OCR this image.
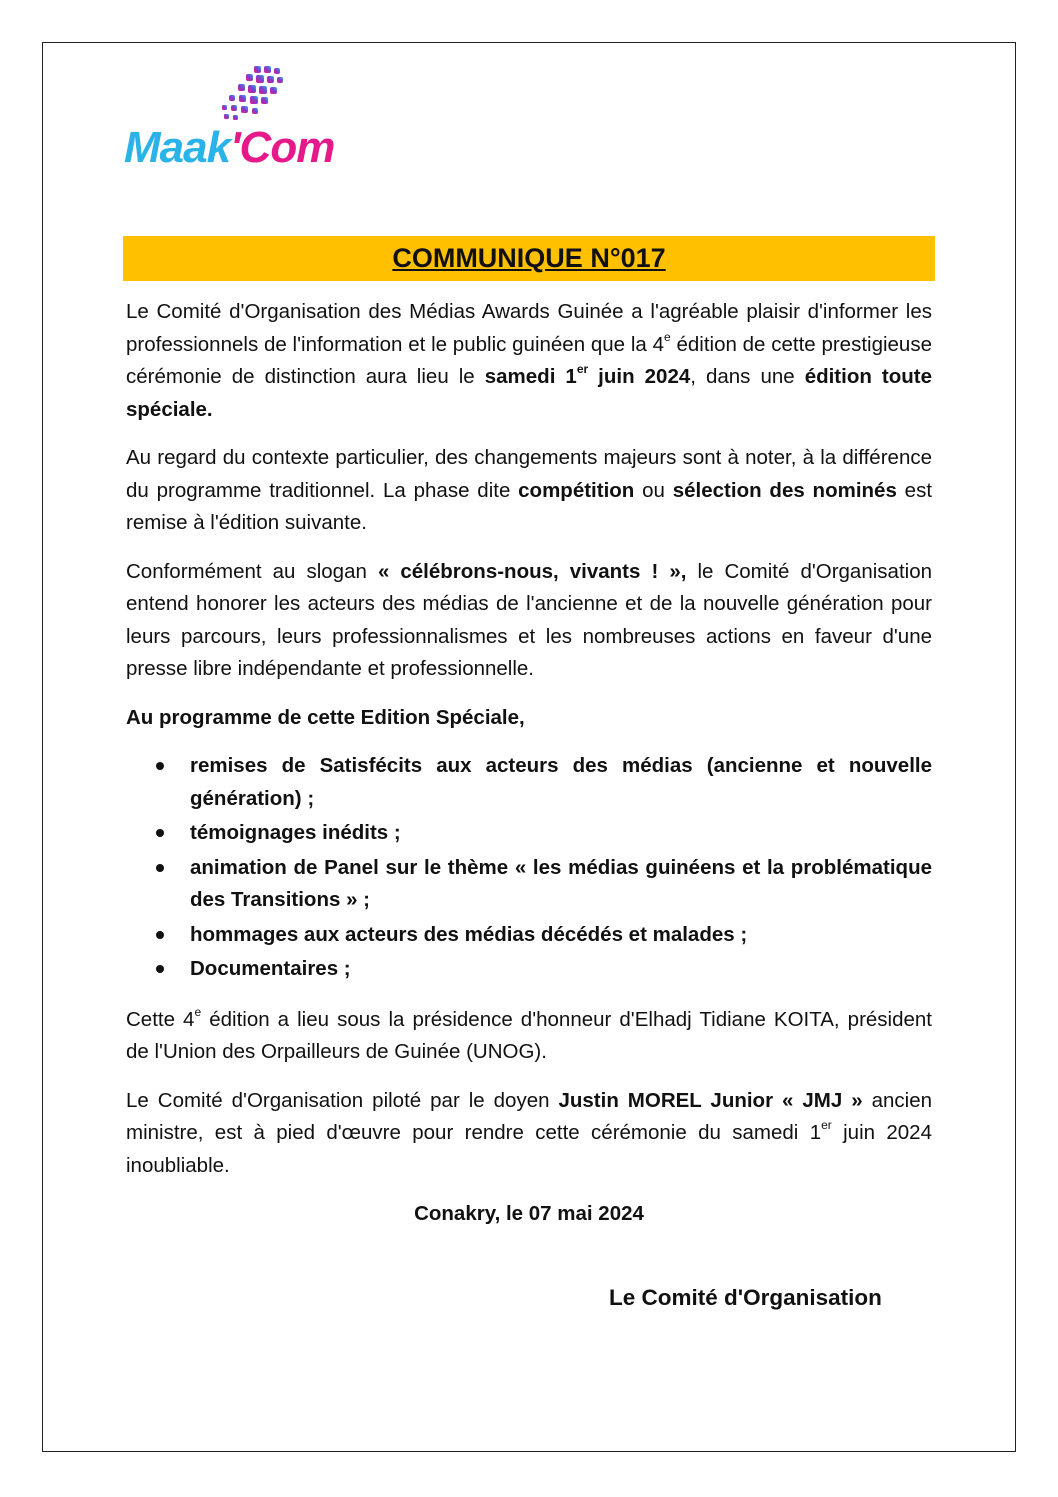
Maak'Com
COMMUNIQUE N°017

Le Comité d'Organisation des Médias Awards Guinée a l'agréable plaisir d'informer les professionnels de l'information et le public guinéen que la 4e édition de cette prestigieuse cérémonie de distinction aura lieu le samedi 1er juin 2024, dans une édition toute spéciale.

Au regard du contexte particulier, des changements majeurs sont à noter, à la différence du programme traditionnel. La phase dite compétition ou sélection des nominés est remise à l'édition suivante.

Conformément au slogan « célébrons-nous, vivants ! », le Comité d'Organisation entend honorer les acteurs des médias de l'ancienne et de la nouvelle génération pour leurs parcours, leurs professionnalismes et les nombreuses actions en faveur d'une presse libre indépendante et professionnelle.

Au programme de cette Edition Spéciale,

remises de Satisfécits aux acteurs des médias (ancienne et nouvelle génération) ;
témoignages inédits ;
animation de Panel sur le thème « les médias guinéens et la problématique des Transitions » ;
hommages aux acteurs des médias décédés et malades ;
Documentaires ;

Cette 4e édition a lieu sous la présidence d'honneur d'Elhadj Tidiane KOITA, président de l'Union des Orpailleurs de Guinée (UNOG).

Le Comité d'Organisation piloté par le doyen Justin MOREL Junior « JMJ » ancien ministre, est à pied d'œuvre pour rendre cette cérémonie du samedi 1er juin 2024 inoubliable.

Conakry, le 07 mai 2024
Le Comité d'Organisation
